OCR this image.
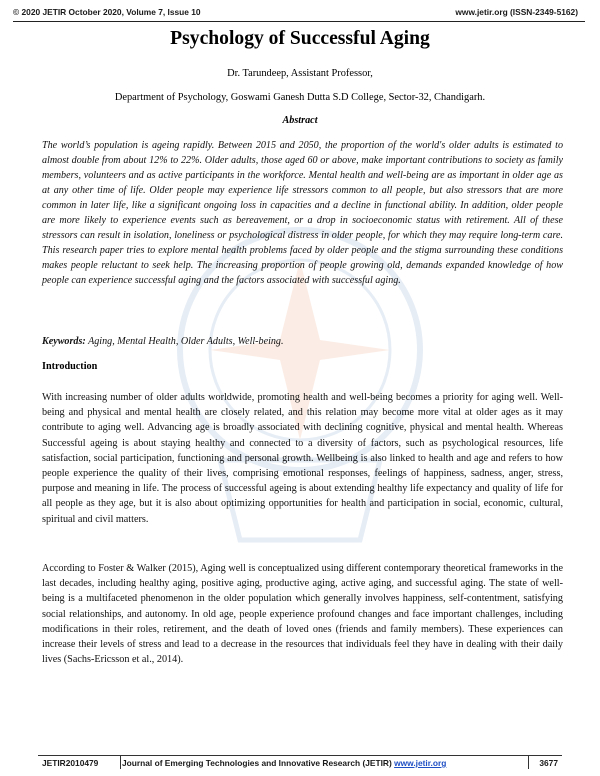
© 2020 JETIR October 2020, Volume 7, Issue 10	www.jetir.org (ISSN-2349-5162)
Psychology of Successful Aging
Dr. Tarundeep, Assistant Professor,
Department of Psychology, Goswami Ganesh Dutta S.D College, Sector-32, Chandigarh.
Abstract

The world’s population is ageing rapidly. Between 2015 and 2050, the proportion of the world's older adults is estimated to almost double from about 12% to 22%. Older adults, those aged 60 or above, make important contributions to society as family members, volunteers and as active participants in the workforce. Mental health and well-being are as important in older age as at any other time of life. Older people may experience life stressors common to all people, but also stressors that are more common in later life, like a significant ongoing loss in capacities and a decline in functional ability. In addition, older people are more likely to experience events such as bereavement, or a drop in socioeconomic status with retirement. All of these stressors can result in isolation, loneliness or psychological distress in older people, for which they may require long-term care. This research paper tries to explore mental health problems faced by older people and the stigma surrounding these conditions makes people reluctant to seek help. The increasing proportion of people growing old, demands expanded knowledge of how people can experience successful aging and the factors associated with successful aging.

Keywords: Aging, Mental Health, Older Adults, Well-being.
Introduction

With increasing number of older adults worldwide, promoting health and well-being becomes a priority for aging well. Well-being and physical and mental health are closely related, and this relation may become more vital at older ages as it may contribute to aging well. Advancing age is broadly associated with declining cognitive, physical and mental health. Whereas Successful ageing is about staying healthy and connected to a diversity of factors, such as psychological resources, life satisfaction, social participation, functioning and personal growth. Wellbeing is also linked to health and age and refers to how people experience the quality of their lives, comprising emotional responses, feelings of happiness, sadness, anger, stress, purpose and meaning in life. The process of successful ageing is about extending healthy life expectancy and quality of life for all people as they age, but it is also about optimizing opportunities for health and participation in social, economic, cultural, spiritual and civil matters.

According to Foster & Walker (2015), Aging well is conceptualized using different contemporary theoretical frameworks in the last decades, including healthy aging, positive aging, productive aging, active aging, and successful aging. The state of well-being is a multifaceted phenomenon in the older population which generally involves happiness, self-contentment, satisfying social relationships, and autonomy. In old age, people experience profound changes and face important challenges, including modifications in their roles, retirement, and the death of loved ones (friends and family members). These experiences can increase their levels of stress and lead to a decrease in the resources that individuals feel they have in dealing with their daily lives (Sachs-Ericsson et al., 2014).

JETIR2010479	Journal of Emerging Technologies and Innovative Research (JETIR) www.jetir.org	3677
